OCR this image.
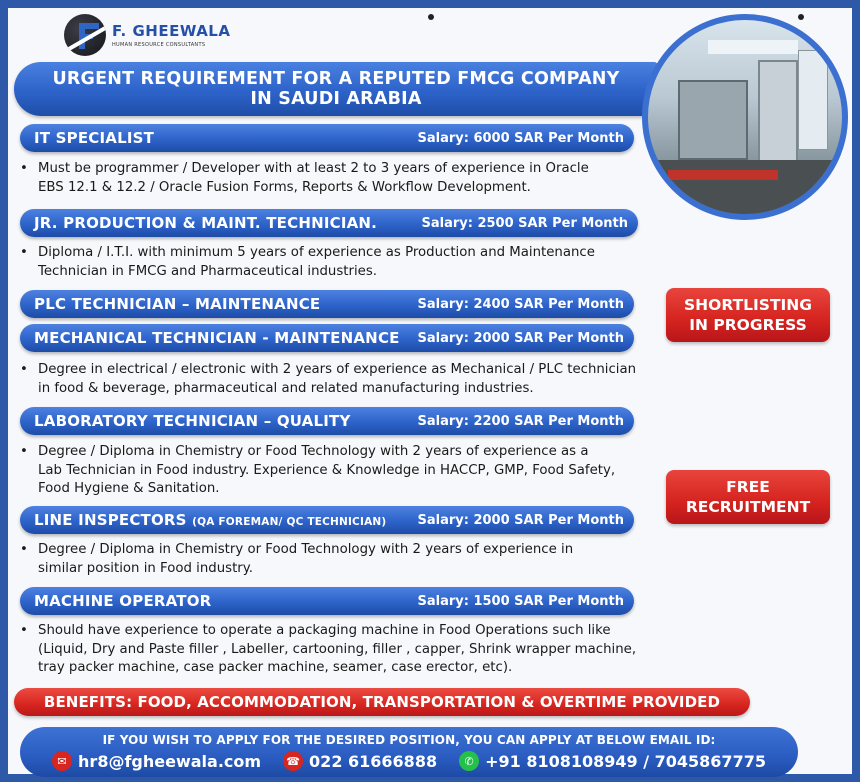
F. GHEEWALA
HUMAN RESOURCE CONSULTANTS
URGENT REQUIREMENT FOR A REPUTED FMCG COMPANY
IN SAUDI ARABIA
IT SPECIALIST	Salary: 6000 SAR Per Month
• Must be programmer / Developer with at least 2 to 3 years of experience in Oracle
EBS 12.1 & 12.2 / Oracle Fusion Forms, Reports & Workflow Development.
JR. PRODUCTION & MAINT. TECHNICIAN.	Salary: 2500 SAR Per Month
• Diploma / I.T.I. with minimum 5 years of experience as Production and Maintenance
Technician in FMCG and Pharmaceutical industries.
PLC TECHNICIAN – MAINTENANCE	Salary: 2400 SAR Per Month
MECHANICAL TECHNICIAN - MAINTENANCE Salary: 2000 SAR Per Month
• Degree in electrical / electronic with 2 years of experience as Mechanical / PLC technician
in food & beverage, pharmaceutical and related manufacturing industries.
LABORATORY TECHNICIAN – QUALITY	Salary: 2200 SAR Per Month
• Degree / Diploma in Chemistry or Food Technology with 2 years of experience as a
Lab Technician in Food industry. Experience & Knowledge in HACCP, GMP, Food Safety,
Food Hygiene & Sanitation.
LINE INSPECTORS (QA FOREMAN/ QC TECHNICIAN) Salary: 2000 SAR Per Month
• Degree / Diploma in Chemistry or Food Technology with 2 years of experience in
similar position in Food industry.
MACHINE OPERATOR	Salary: 1500 SAR Per Month
• Should have experience to operate a packaging machine in Food Operations such like
(Liquid, Dry and Paste filler , Labeller, cartooning, filler , capper, Shrink wrapper machine,
tray packer machine, case packer machine, seamer, case erector, etc).
SHORTLISTING
IN PROGRESS
FREE
RECRUITMENT
BENEFITS: FOOD, ACCOMMODATION, TRANSPORTATION & OVERTIME PROVIDED
IF YOU WISH TO APPLY FOR THE DESIRED POSITION, YOU CAN APPLY AT BELOW EMAIL ID:
✉ hr8@fgheewala.com ☎ 022 61666888	✆ +91 8108108949 / 7045867775
